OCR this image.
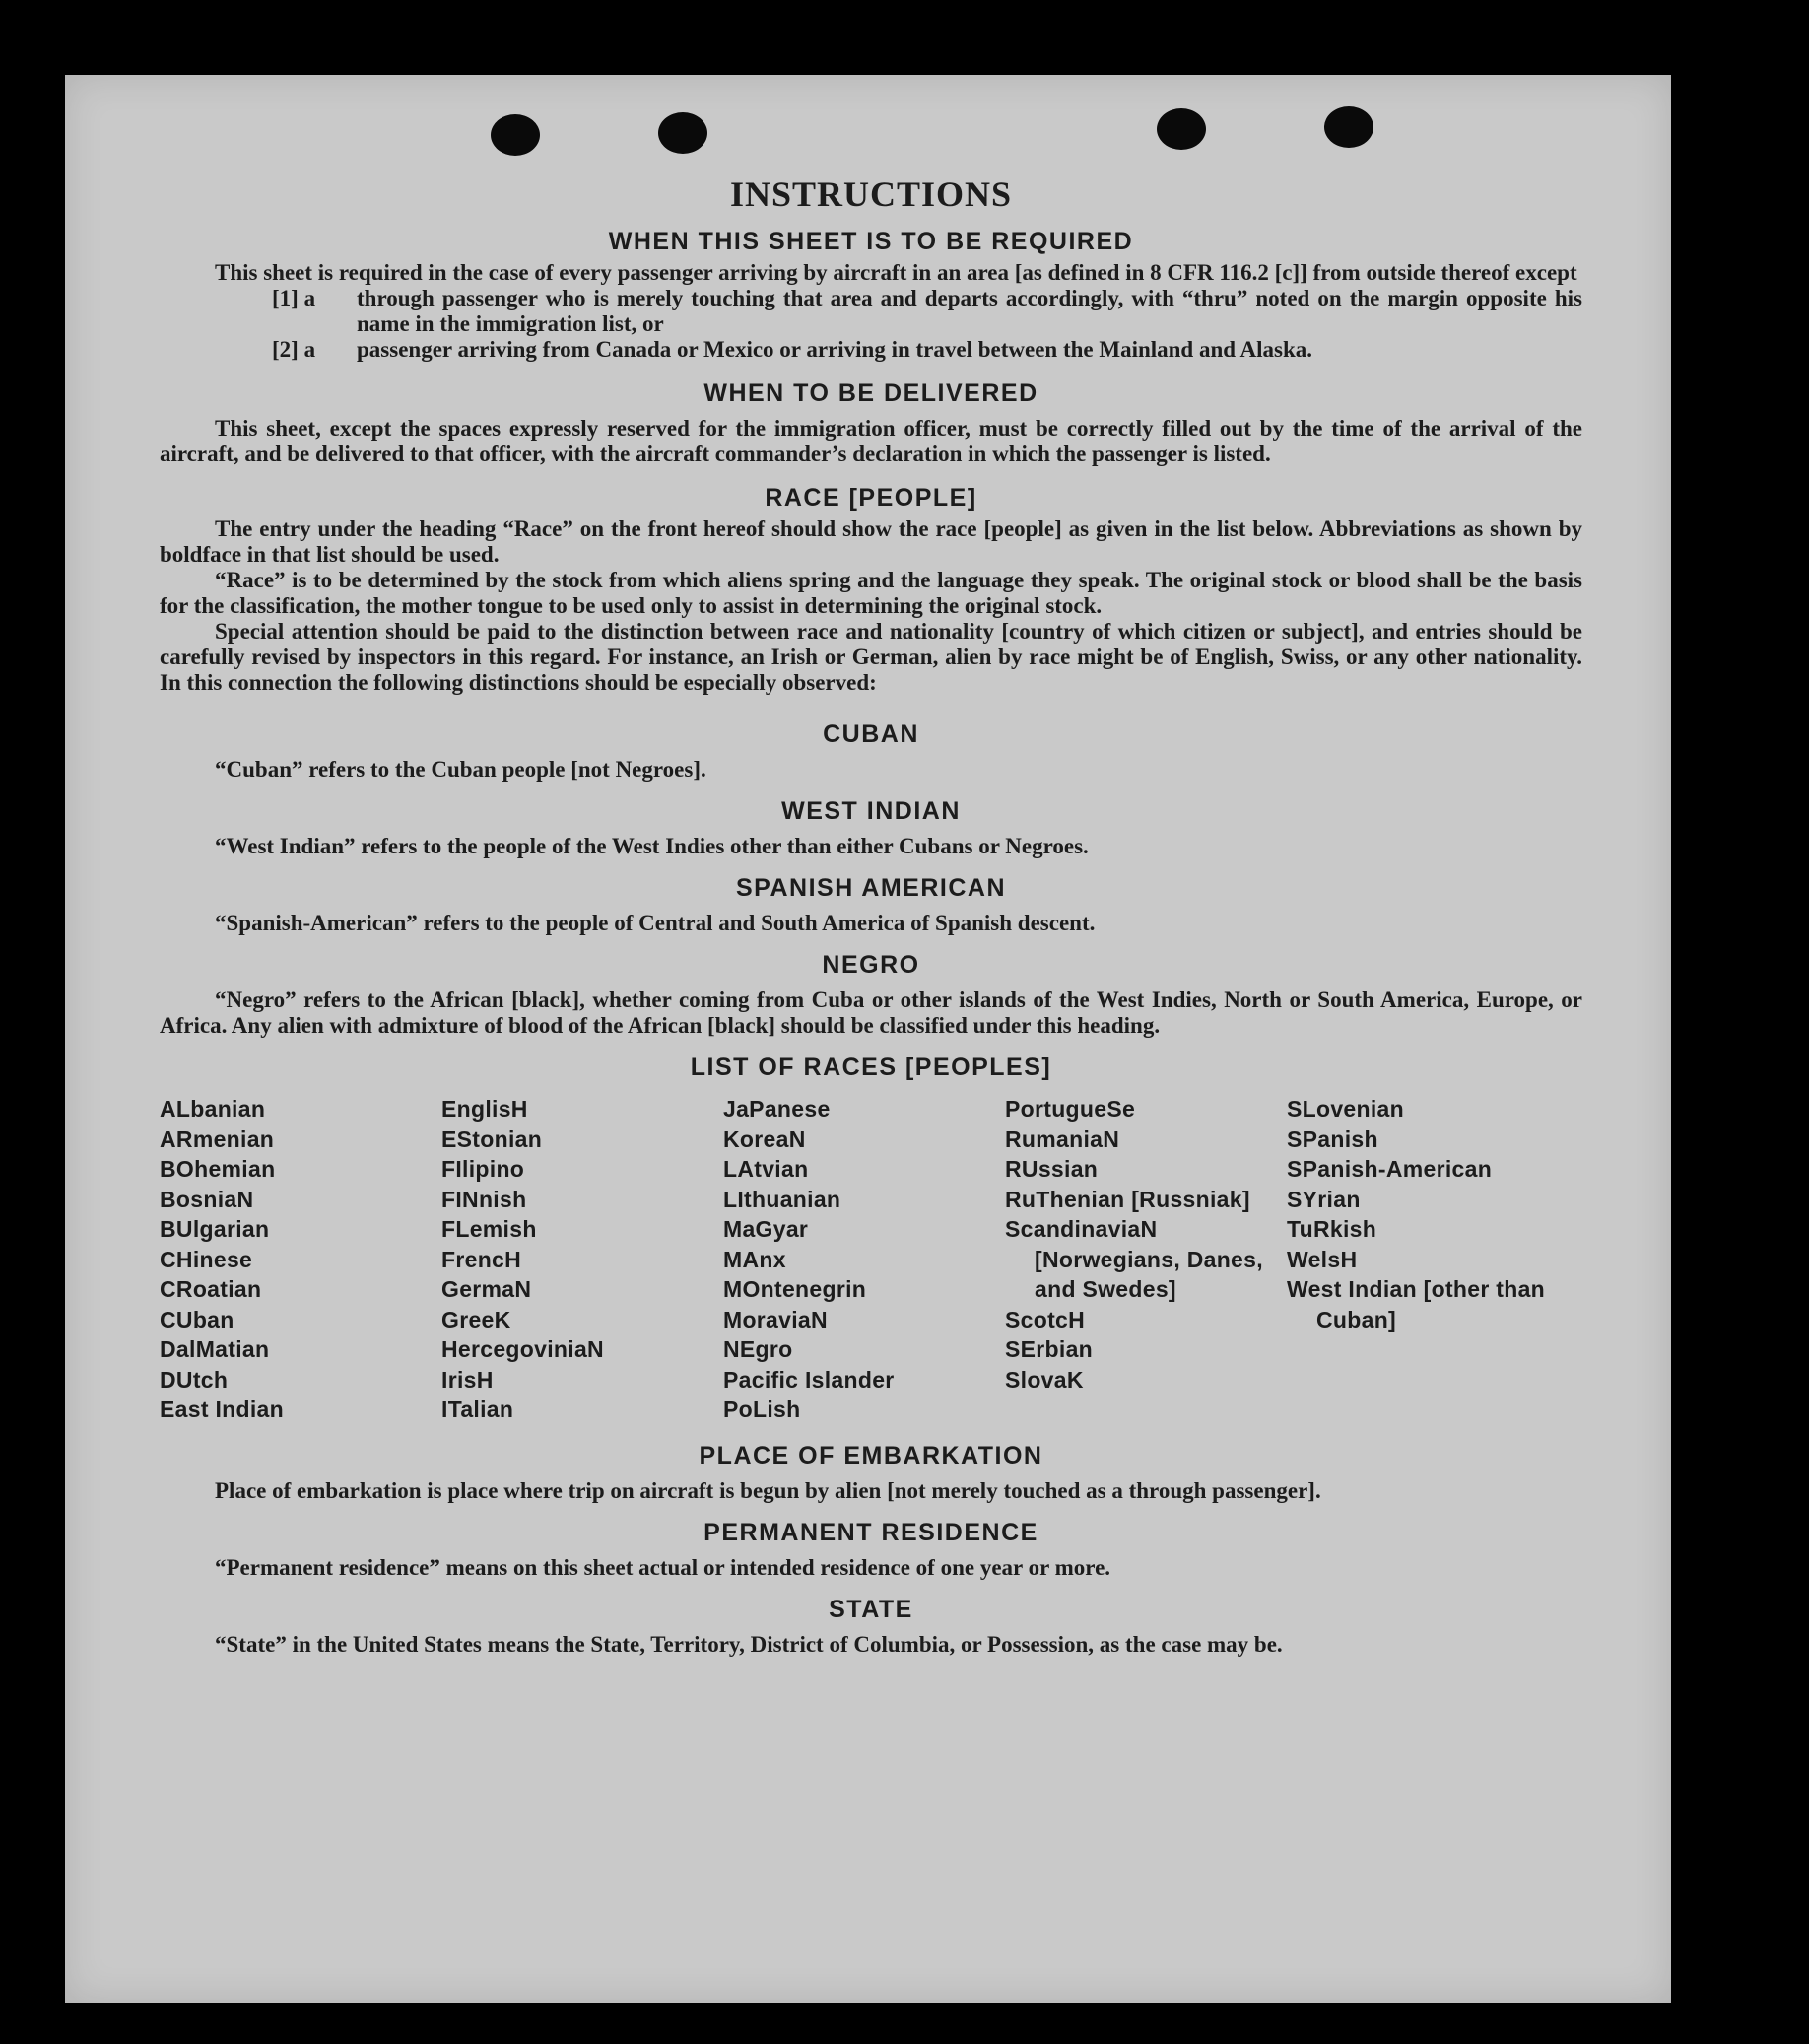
INSTRUCTIONS
WHEN THIS SHEET IS TO BE REQUIRED

This sheet is required in the case of every passenger arriving by aircraft in an area [as defined in 8 CFR 116.2 [c]] from outside thereof except

[1] a through passenger who is merely touching that area and departs accordingly, with “thru” noted on the margin opposite his name in the immigration list, or
[2] a passenger arriving from Canada or Mexico or arriving in travel between the Mainland and Alaska.
WHEN TO BE DELIVERED

This sheet, except the spaces expressly reserved for the immigration officer, must be correctly filled out by the time of the arrival of the aircraft, and be delivered to that officer, with the aircraft commander’s declaration in which the passenger is listed.

RACE [PEOPLE]

The entry under the heading “Race” on the front hereof should show the race [people] as given in the list below. Abbreviations as shown by boldface in that list should be used.

“Race” is to be determined by the stock from which aliens spring and the language they speak. The original stock or blood shall be the basis for the classification, the mother tongue to be used only to assist in determining the original stock.

Special attention should be paid to the distinction between race and nationality [country of which citizen or subject], and entries should be carefully revised by inspectors in this regard. For instance, an Irish or German, alien by race might be of English, Swiss, or any other nationality. In this connection the following distinctions should be especially observed:

CUBAN

“Cuban” refers to the Cuban people [not Negroes].

WEST INDIAN

“West Indian” refers to the people of the West Indies other than either Cubans or Negroes.

SPANISH AMERICAN

“Spanish-American” refers to the people of Central and South America of Spanish descent.

NEGRO

“Negro” refers to the African [black], whether coming from Cuba or other islands of the West Indies, North or South America, Europe, or Africa. Any alien with admixture of blood of the African [black] should be classified under this heading.

LIST OF RACES [PEOPLES]
ALbanian
ARmenian
BOhemian
BosniaN
BUlgarian
CHinese
CRoatian
CUban
DalMatian
DUtch
East Indian
EnglisH
EStonian
FIlipino
FINnish
FLemish
FrencH
GermaN
GreeK
HercegoviniaN
IrisH
ITalian
JaPanese
KoreaN
LAtvian
LIthuanian
MaGyar
MAnx
MOntenegrin
MoraviaN
NEgro
Pacific Islander
PoLish
PortugueSe
RumaniaN
RUssian
RuThenian [Russniak]
ScandinaviaN [Norwegians, Danes, and Swedes]
ScotcH
SErbian
SlovaK
SLovenian
SPanish
SPanish-American
SYrian
TuRkish
WelsH
West Indian [other than Cuban]
PLACE OF EMBARKATION

Place of embarkation is place where trip on aircraft is begun by alien [not merely touched as a through passenger].

PERMANENT RESIDENCE

“Permanent residence” means on this sheet actual or intended residence of one year or more.

STATE

“State” in the United States means the State, Territory, District of Columbia, or Possession, as the case may be.
